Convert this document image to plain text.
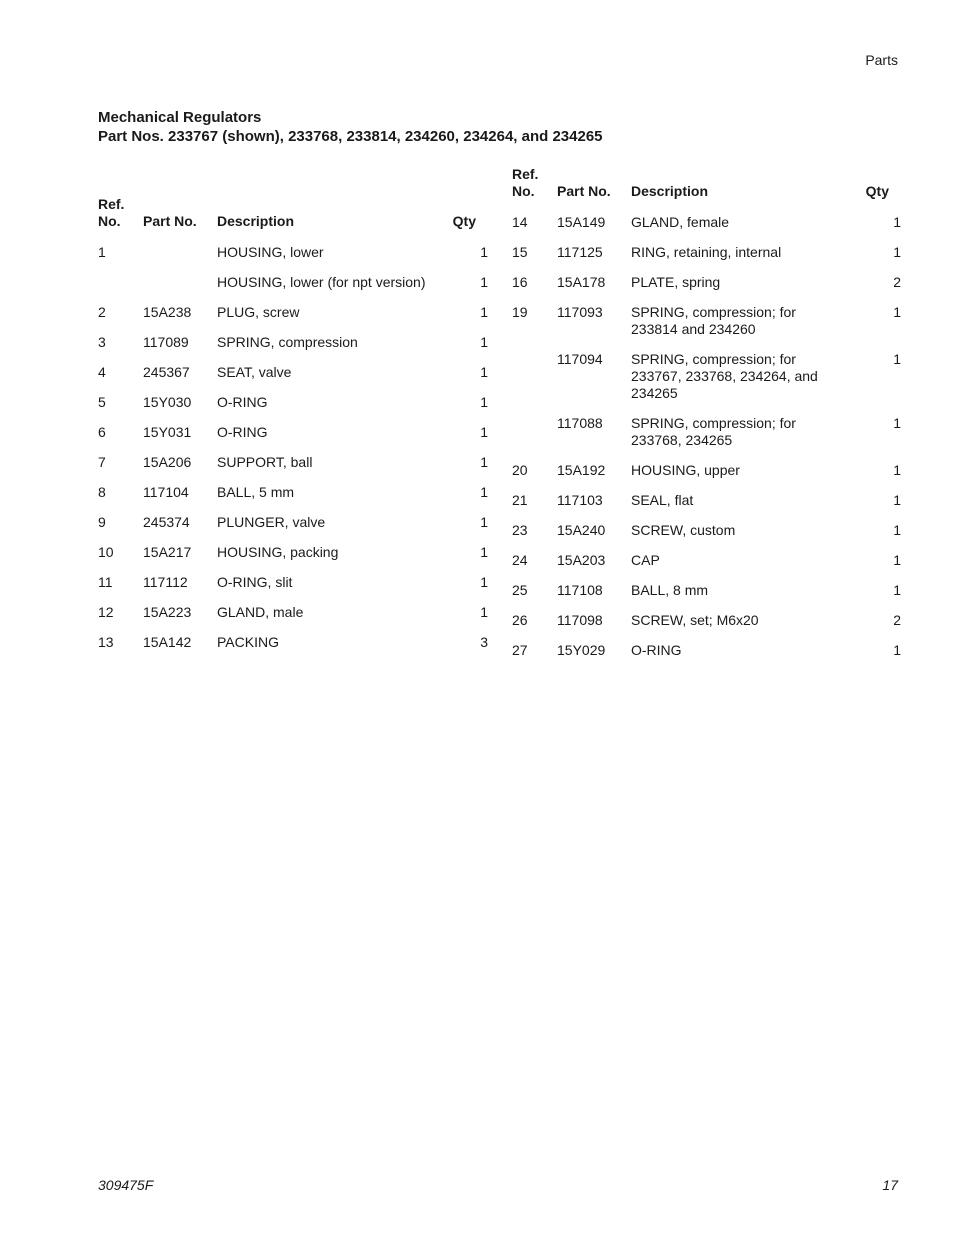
Parts
Mechanical Regulators
Part Nos. 233767 (shown), 233768, 233814, 234260, 234264, and 234265
Ref.
No.	Part No.	Description	Qty
1		HOUSING, lower	1
		HOUSING, lower (for npt version)	1
2	15A238	PLUG, screw	1
3	117089	SPRING, compression	1
4	245367	SEAT, valve	1
5	15Y030	O-RING	1
6	15Y031	O-RING	1
7	15A206	SUPPORT, ball	1
8	117104	BALL, 5 mm	1
9	245374	PLUNGER, valve	1
10	15A217	HOUSING, packing	1
11	117112	O-RING, slit	1
12	15A223	GLAND, male	1
13	15A142	PACKING	3
Ref.
No.	Part No.	Description	Qty
14	15A149	GLAND, female	1
15	117125	RING, retaining, internal	1
16	15A178	PLATE, spring	2
19	117093	SPRING, compression; for 233814 and 234260	1
	117094	SPRING, compression; for 233767, 233768, 234264, and 234265	1
	117088	SPRING, compression; for 233768, 234265	1
20	15A192	HOUSING, upper	1
21	117103	SEAL, flat	1
23	15A240	SCREW, custom	1
24	15A203	CAP	1
25	117108	BALL, 8 mm	1
26	117098	SCREW, set; M6x20	2
27	15Y029	O-RING	1
309475F	17
